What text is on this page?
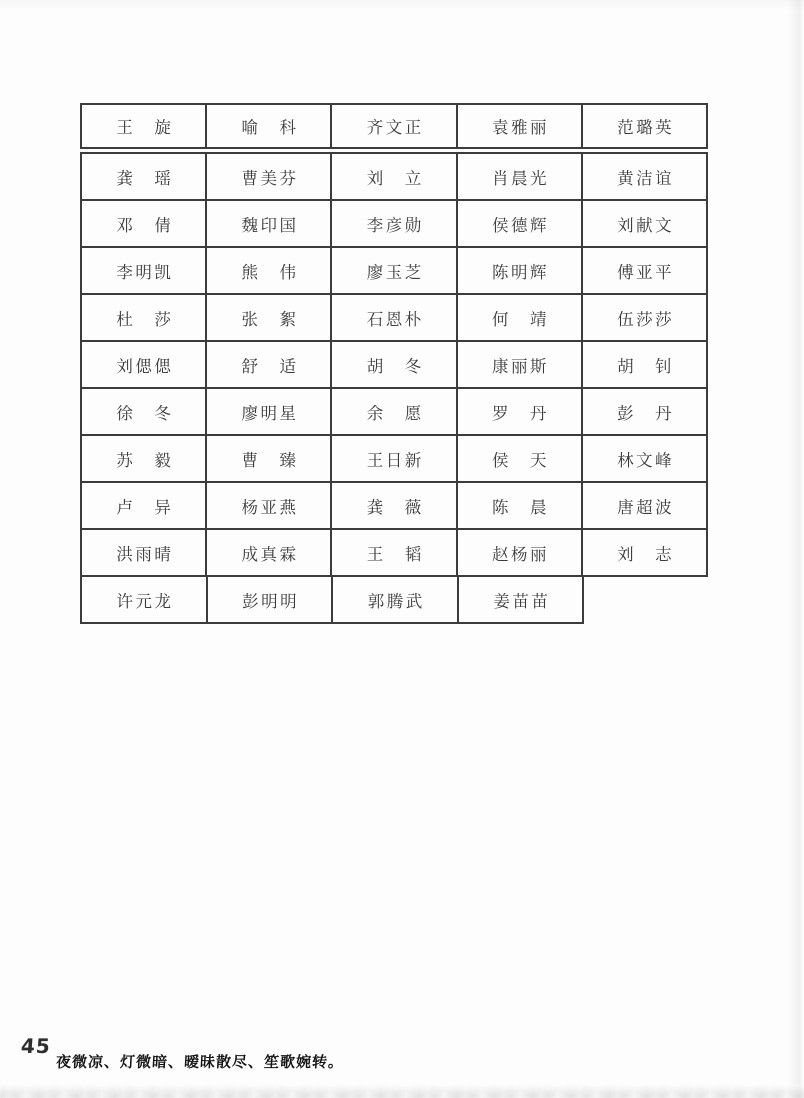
王　旋	喻　科	齐文正	袁雅丽	范璐英
龚　瑶	曹美芬	刘　立	肖晨光	黄洁谊
邓　倩	魏印国	李彦勋	侯德辉	刘献文
李明凯	熊　伟	廖玉芝	陈明辉	傅亚平
杜　莎	张　絮	石恩朴	何　靖	伍莎莎
刘偲偲	舒　适	胡　冬	康丽斯	胡　钊
徐　冬	廖明星	余　愿	罗　丹	彭　丹
苏　毅	曹　臻	王日新	侯　天	林文峰
卢　异	杨亚燕	龚　薇	陈　晨	唐超波
洪雨晴	成真霖	王　韬	赵杨丽	刘　志
许元龙	彭明明	郭腾武	姜苗苗
45
夜微凉、灯微暗、暧昧散尽、笙歌婉转。
